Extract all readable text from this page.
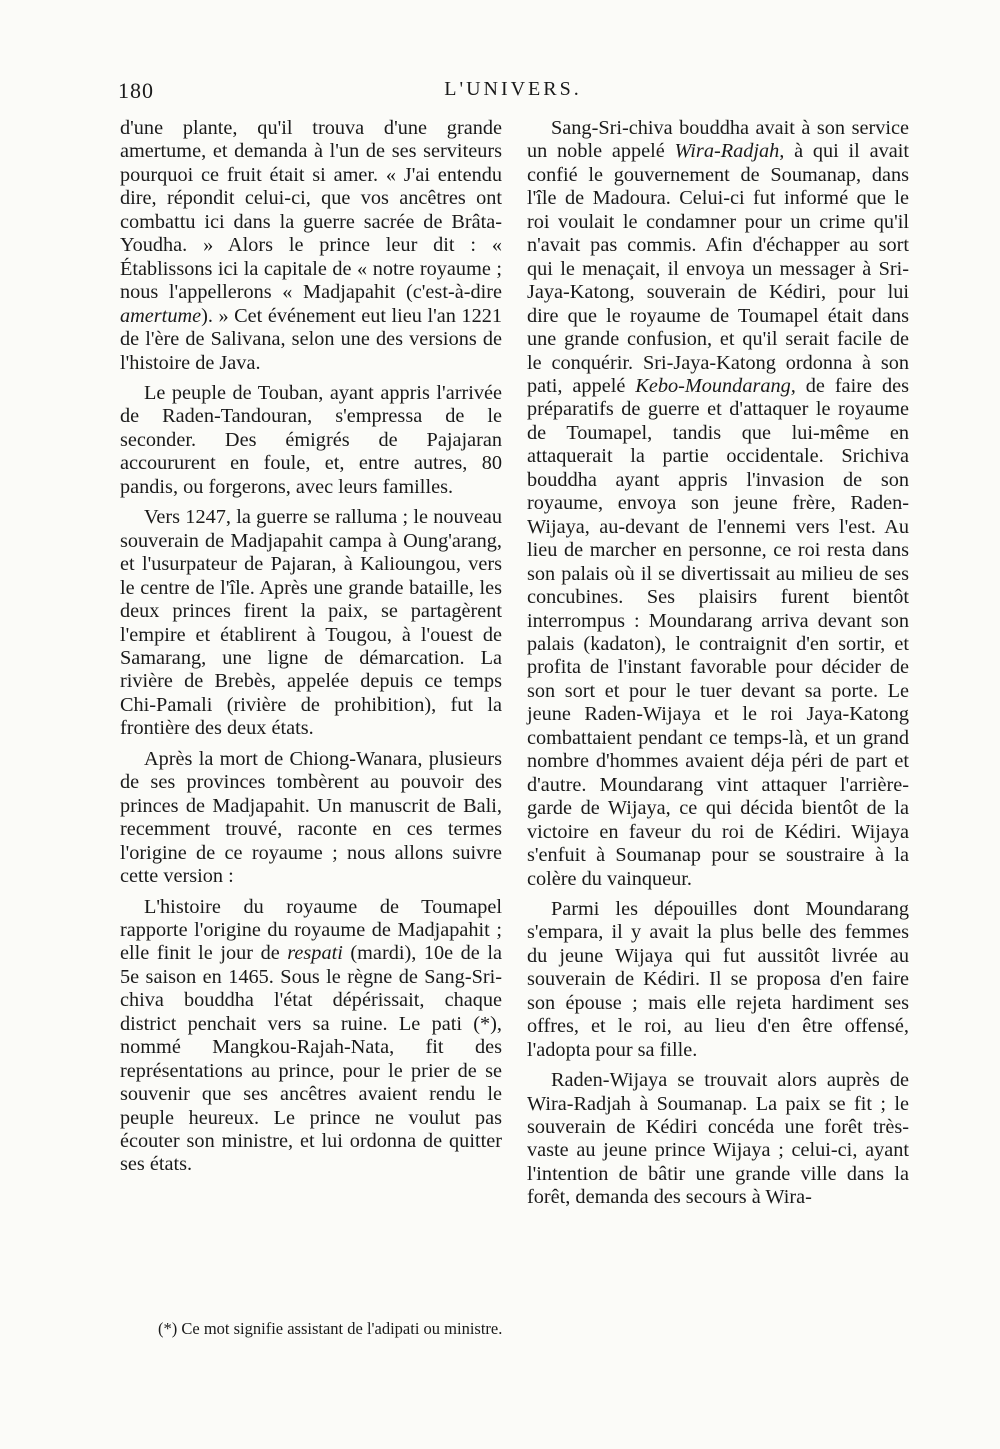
180	L'UNIVERS.

d'une plante, qu'il trouva d'une grande amertume, et demanda à l'un de ses serviteurs pourquoi ce fruit était si amer. « J'ai entendu dire, répondit celui-ci, que vos ancêtres ont combattu ici dans la guerre sacrée de Brâta-Youdha. » Alors le prince leur dit : « Établissons ici la capitale de « notre royaume ; nous l'appellerons « Madjapahit (c'est-à-dire amertume). » Cet événement eut lieu l'an 1221 de l'ère de Salivana, selon une des versions de l'histoire de Java.

Le peuple de Touban, ayant appris l'arrivée de Raden-Tandouran, s'empressa de le seconder. Des émigrés de Pajajaran accoururent en foule, et, entre autres, 80 pandis, ou forgerons, avec leurs familles.

Vers 1247, la guerre se ralluma ; le nouveau souverain de Madjapahit campa à Oung'arang, et l'usurpateur de Pajaran, à Kalioungou, vers le centre de l'île. Après une grande bataille, les deux princes firent la paix, se partagèrent l'empire et établirent à Tougou, à l'ouest de Samarang, une ligne de démarcation. La rivière de Brebès, appelée depuis ce temps Chi-Pamali (rivière de prohibition), fut la frontière des deux états.

Après la mort de Chiong-Wanara, plusieurs de ses provinces tombèrent au pouvoir des princes de Madjapahit. Un manuscrit de Bali, recemment trouvé, raconte en ces termes l'origine de ce royaume ; nous allons suivre cette version :

L'histoire du royaume de Toumapel rapporte l'origine du royaume de Madjapahit ; elle finit le jour de respati (mardi), 10e de la 5e saison en 1465. Sous le règne de Sang-Sri-chiva bouddha l'état dépérissait, chaque district penchait vers sa ruine. Le pati (*), nommé Mangkou-Rajah-Nata, fit des représentations au prince, pour le prier de se souvenir que ses ancêtres avaient rendu le peuple heureux. Le prince ne voulut pas écouter son ministre, et lui ordonna de quitter ses états.

(*) Ce mot signifie assistant de l'adipati ou ministre.

Sang-Sri-chiva bouddha avait à son service un noble appelé Wira-Radjah, à qui il avait confié le gouvernement de Soumanap, dans l'île de Madoura. Celui-ci fut informé que le roi voulait le condamner pour un crime qu'il n'avait pas commis. Afin d'échapper au sort qui le menaçait, il envoya un messager à Sri-Jaya-Katong, souverain de Kédiri, pour lui dire que le royaume de Toumapel était dans une grande confusion, et qu'il serait facile de le conquérir. Sri-Jaya-Katong ordonna à son pati, appelé Kebo-Moundarang, de faire des préparatifs de guerre et d'attaquer le royaume de Toumapel, tandis que lui-même en attaquerait la partie occidentale. Srichiva bouddha ayant appris l'invasion de son royaume, envoya son jeune frère, Raden-Wijaya, au-devant de l'ennemi vers l'est. Au lieu de marcher en personne, ce roi resta dans son palais où il se divertissait au milieu de ses concubines. Ses plaisirs furent bientôt interrompus : Moundarang arriva devant son palais (kadaton), le contraignit d'en sortir, et profita de l'instant favorable pour décider de son sort et pour le tuer devant sa porte. Le jeune Raden-Wijaya et le roi Jaya-Katong combattaient pendant ce temps-là, et un grand nombre d'hommes avaient déja péri de part et d'autre. Moundarang vint attaquer l'arrière-garde de Wijaya, ce qui décida bientôt de la victoire en faveur du roi de Kédiri. Wijaya s'enfuit à Soumanap pour se soustraire à la colère du vainqueur.

Parmi les dépouilles dont Moundarang s'empara, il y avait la plus belle des femmes du jeune Wijaya qui fut aussitôt livrée au souverain de Kédiri. Il se proposa d'en faire son épouse ; mais elle rejeta hardiment ses offres, et le roi, au lieu d'en être offensé, l'adopta pour sa fille.

Raden-Wijaya se trouvait alors auprès de Wira-Radjah à Soumanap. La paix se fit ; le souverain de Kédiri concéda une forêt très-vaste au jeune prince Wijaya ; celui-ci, ayant l'intention de bâtir une grande ville dans la forêt, demanda des secours à Wira-
